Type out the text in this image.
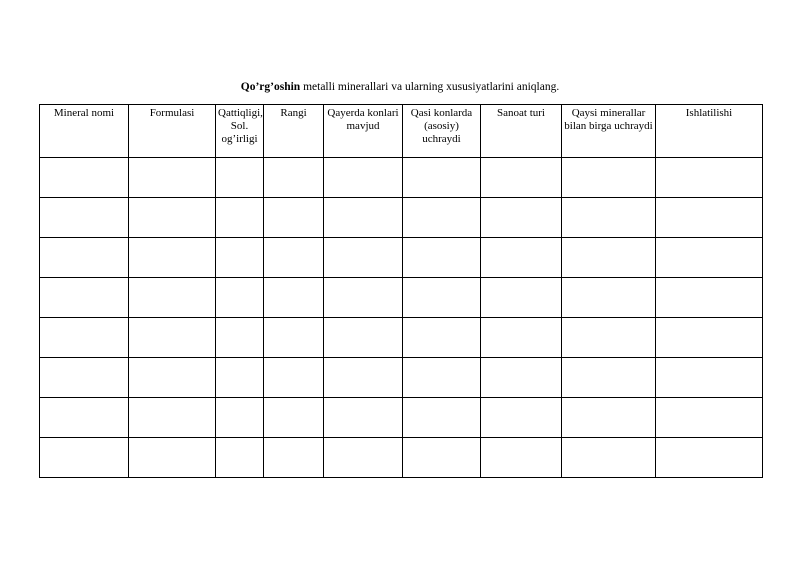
Qo’rg’oshin metalli minerallari va ularning xususiyatlarini aniqlang.
Mineral nomi	Formulasi	Qattiqligi, Sol. og’irligi	Rangi	Qayerda konlari mavjud	Qasi konlarda (asosiy) uchraydi	Sanoat turi	Qaysi minerallar bilan birga uchraydi	Ishlatilishi
